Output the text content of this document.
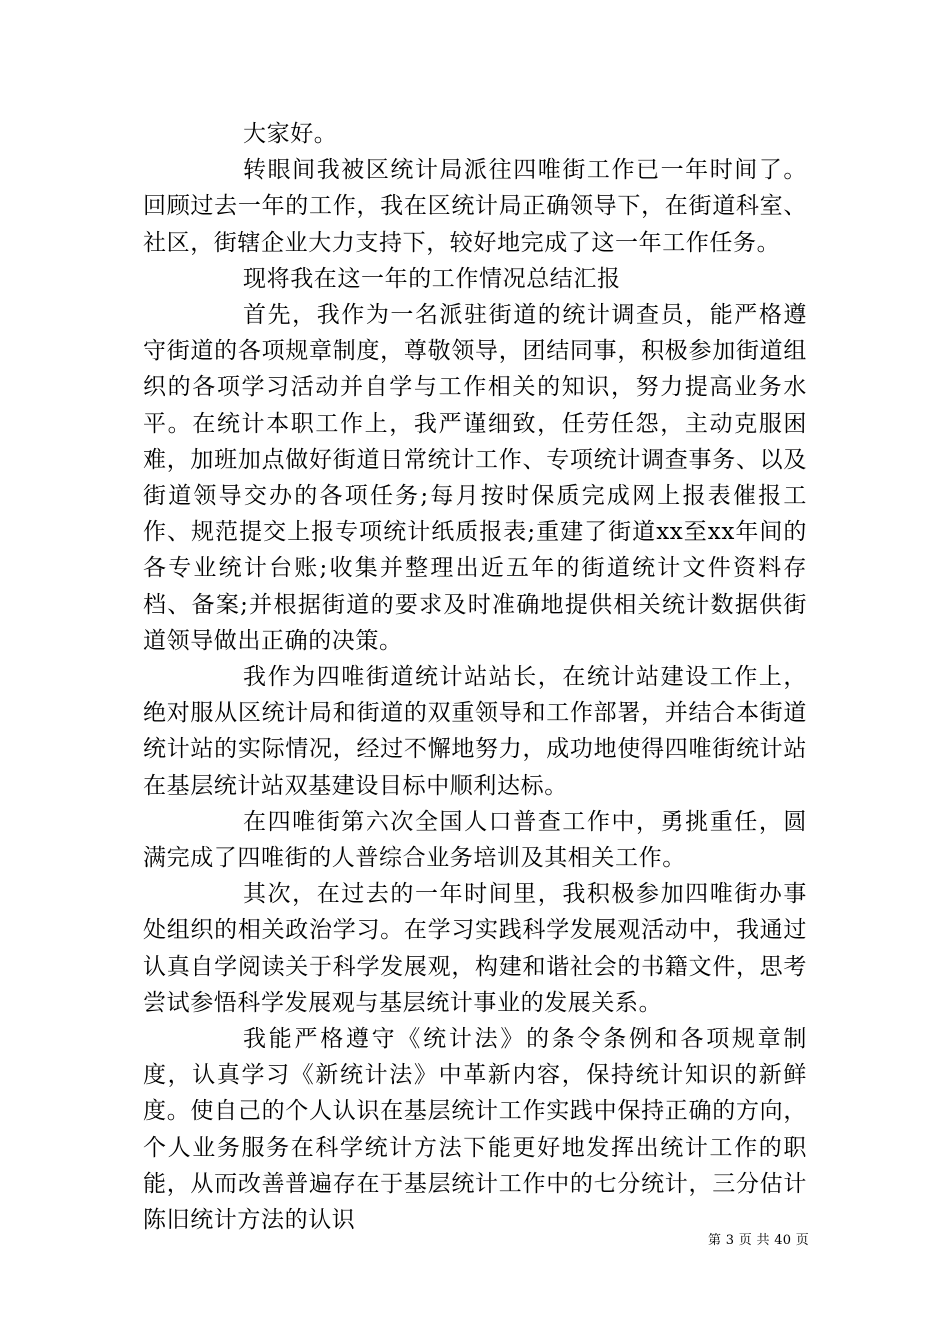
大家好。

转眼间我被区统计局派往四唯街工作已一年时间了。回顾过去一年的工作，我在区统计局正确领导下，在街道科室、社区，街辖企业大力支持下，较好地完成了这一年工作任务。

现将我在这一年的工作情况总结汇报

首先，我作为一名派驻街道的统计调查员，能严格遵守街道的各项规章制度，尊敬领导，团结同事，积极参加街道组织的各项学习活动并自学与工作相关的知识，努力提高业务水平。在统计本职工作上，我严谨细致，任劳任怨，主动克服困难，加班加点做好街道日常统计工作、专项统计调查事务、以及街道领导交办的各项任务;每月按时保质完成网上报表催报工作、规范提交上报专项统计纸质报表;重建了街道xx至xx年间的各专业统计台账;收集并整理出近五年的街道统计文件资料存档、备案;并根据街道的要求及时准确地提供相关统计数据供街道领导做出正确的决策。

我作为四唯街道统计站站长，在统计站建设工作上，绝对服从区统计局和街道的双重领导和工作部署，并结合本街道统计站的实际情况，经过不懈地努力，成功地使得四唯街统计站在基层统计站双基建设目标中顺利达标。

在四唯街第六次全国人口普查工作中，勇挑重任，圆满完成了四唯街的人普综合业务培训及其相关工作。

其次，在过去的一年时间里，我积极参加四唯街办事处组织的相关政治学习。在学习实践科学发展观活动中，我通过认真自学阅读关于科学发展观，构建和谐社会的书籍文件，思考尝试参悟科学发展观与基层统计事业的发展关系。

我能严格遵守《统计法》的条令条例和各项规章制度，认真学习《新统计法》中革新内容，保持统计知识的新鲜度。使自己的个人认识在基层统计工作实践中保持正确的方向，个人业务服务在科学统计方法下能更好地发挥出统计工作的职能，从而改善普遍存在于基层统计工作中的七分统计，三分估计陈旧统计方法的认识

第 3 页 共 40 页
